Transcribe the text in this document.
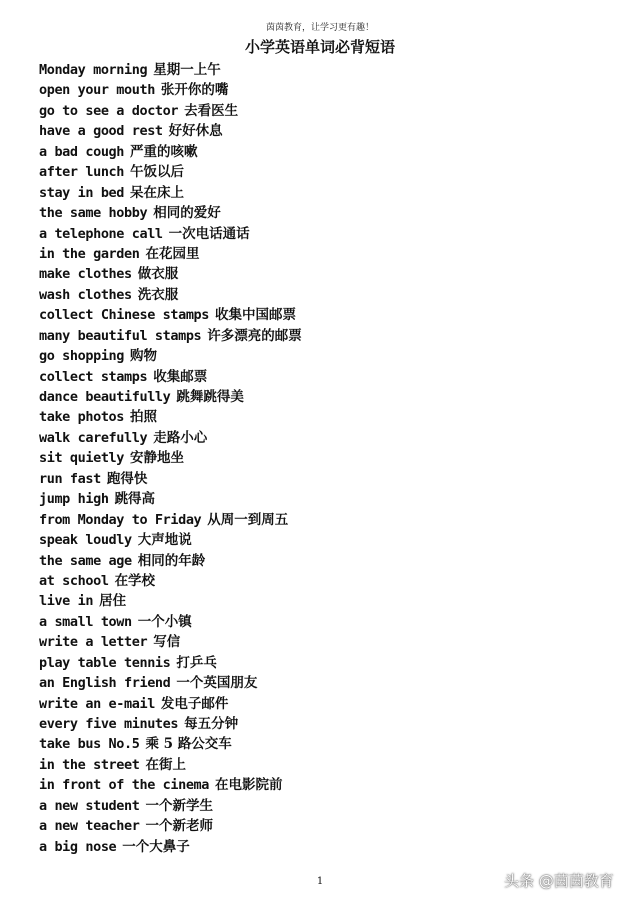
茵茵教育，让学习更有趣！
小学英语单词必背短语
Monday morning 星期一上午
open your mouth 张开你的嘴
go to see a doctor 去看医生
have a good rest 好好休息
a bad cough 严重的咳嗽
after lunch 午饭以后
stay in bed 呆在床上
the same hobby 相同的爱好
a telephone call 一次电话通话
in the garden 在花园里
make clothes 做衣服
wash clothes 洗衣服
collect Chinese stamps 收集中国邮票
many beautiful stamps 许多漂亮的邮票
go shopping 购物
collect stamps 收集邮票
dance beautifully 跳舞跳得美
take photos 拍照
walk carefully 走路小心
sit quietly 安静地坐
run fast 跑得快
jump high 跳得高
from Monday to Friday 从周一到周五
speak loudly 大声地说
the same age 相同的年龄
at school 在学校
live in 居住
a small town 一个小镇
write a letter 写信
play table tennis 打乒乓
an English friend 一个英国朋友
write an e-mail 发电子邮件
every five minutes 每五分钟
take bus No.5 乘 5 路公交车
in the street 在街上
in front of the cinema 在电影院前
a new student 一个新学生
a new teacher 一个新老师
a big nose 一个大鼻子
1	头条 @茵茵教育
